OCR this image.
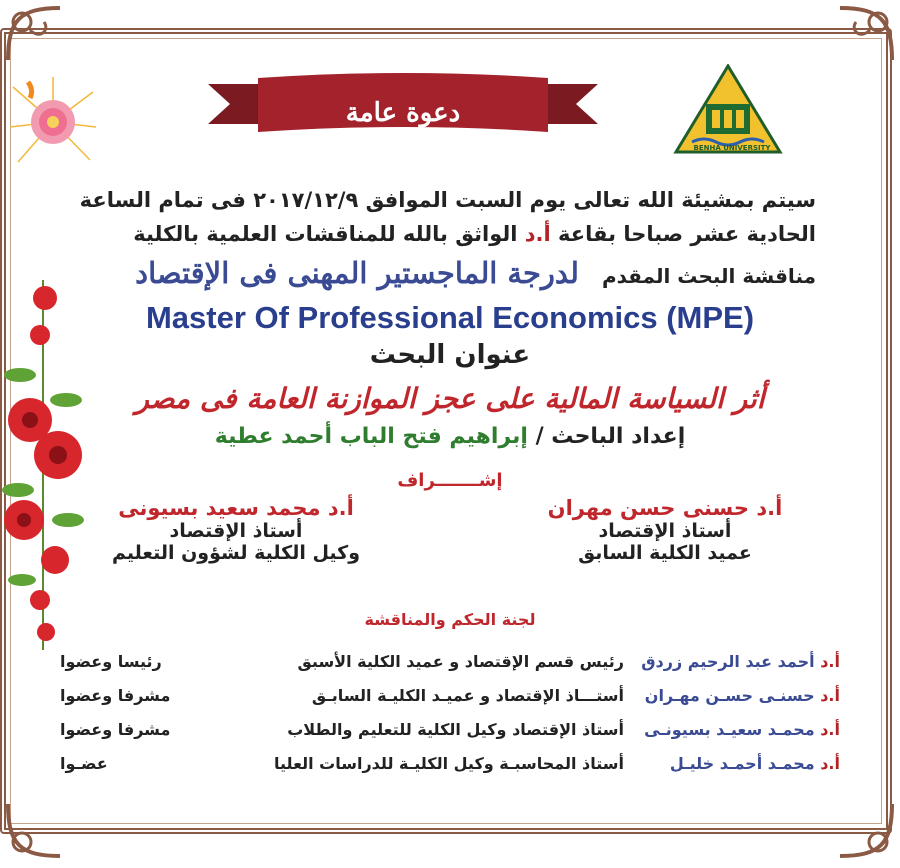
BENHA UNIVERSITY
دعوة عامة
سيتم بمشيئة الله تعالى يوم السبت الموافق ٢٠١٧/١٢/٩ فى تمام الساعة
الحادية عشر صباحا بقاعة أ.د الواثق بالله للمناقشات العلمية بالكلية
مناقشة البحث المقدم لدرجة الماجستير المهنى فى الإقتصاد
Master Of Professional Economics (MPE)
عنوان البحث
أثر السياسة المالية على عجز الموازنة العامة فى مصر
إعداد الباحث / إبراهيم فتح الباب أحمد عطية
إشـــــــراف
أ.د حسنى حسن مهران
أستاذ الإقتصاد
عميد الكلية السابق
أ.د محمد سعيد بسيونى
أستاذ الإقتصاد
وكيل الكلية لشؤون التعليم
لجنة الحكم والمناقشة
أ.د أحمد عبد الرحيم زردق
رئيس قسم الإقتصاد و عميد الكلية الأسبق
رئيسا وعضوا
أ.د حسنـى حسـن مهـران
أستـــاذ الإقتصاد و عميـد الكليـة السابـق
مشرفا وعضوا
أ.د محمـد سعيـد بسيونـى
أستاذ الإقتصاد وكيل الكلية للتعليم والطلاب
مشرفا وعضوا
أ.د محمـد أحمـد خليـل
أستاذ المحاسبـة وكيل الكليـة للدراسات العليا
عضـوا
